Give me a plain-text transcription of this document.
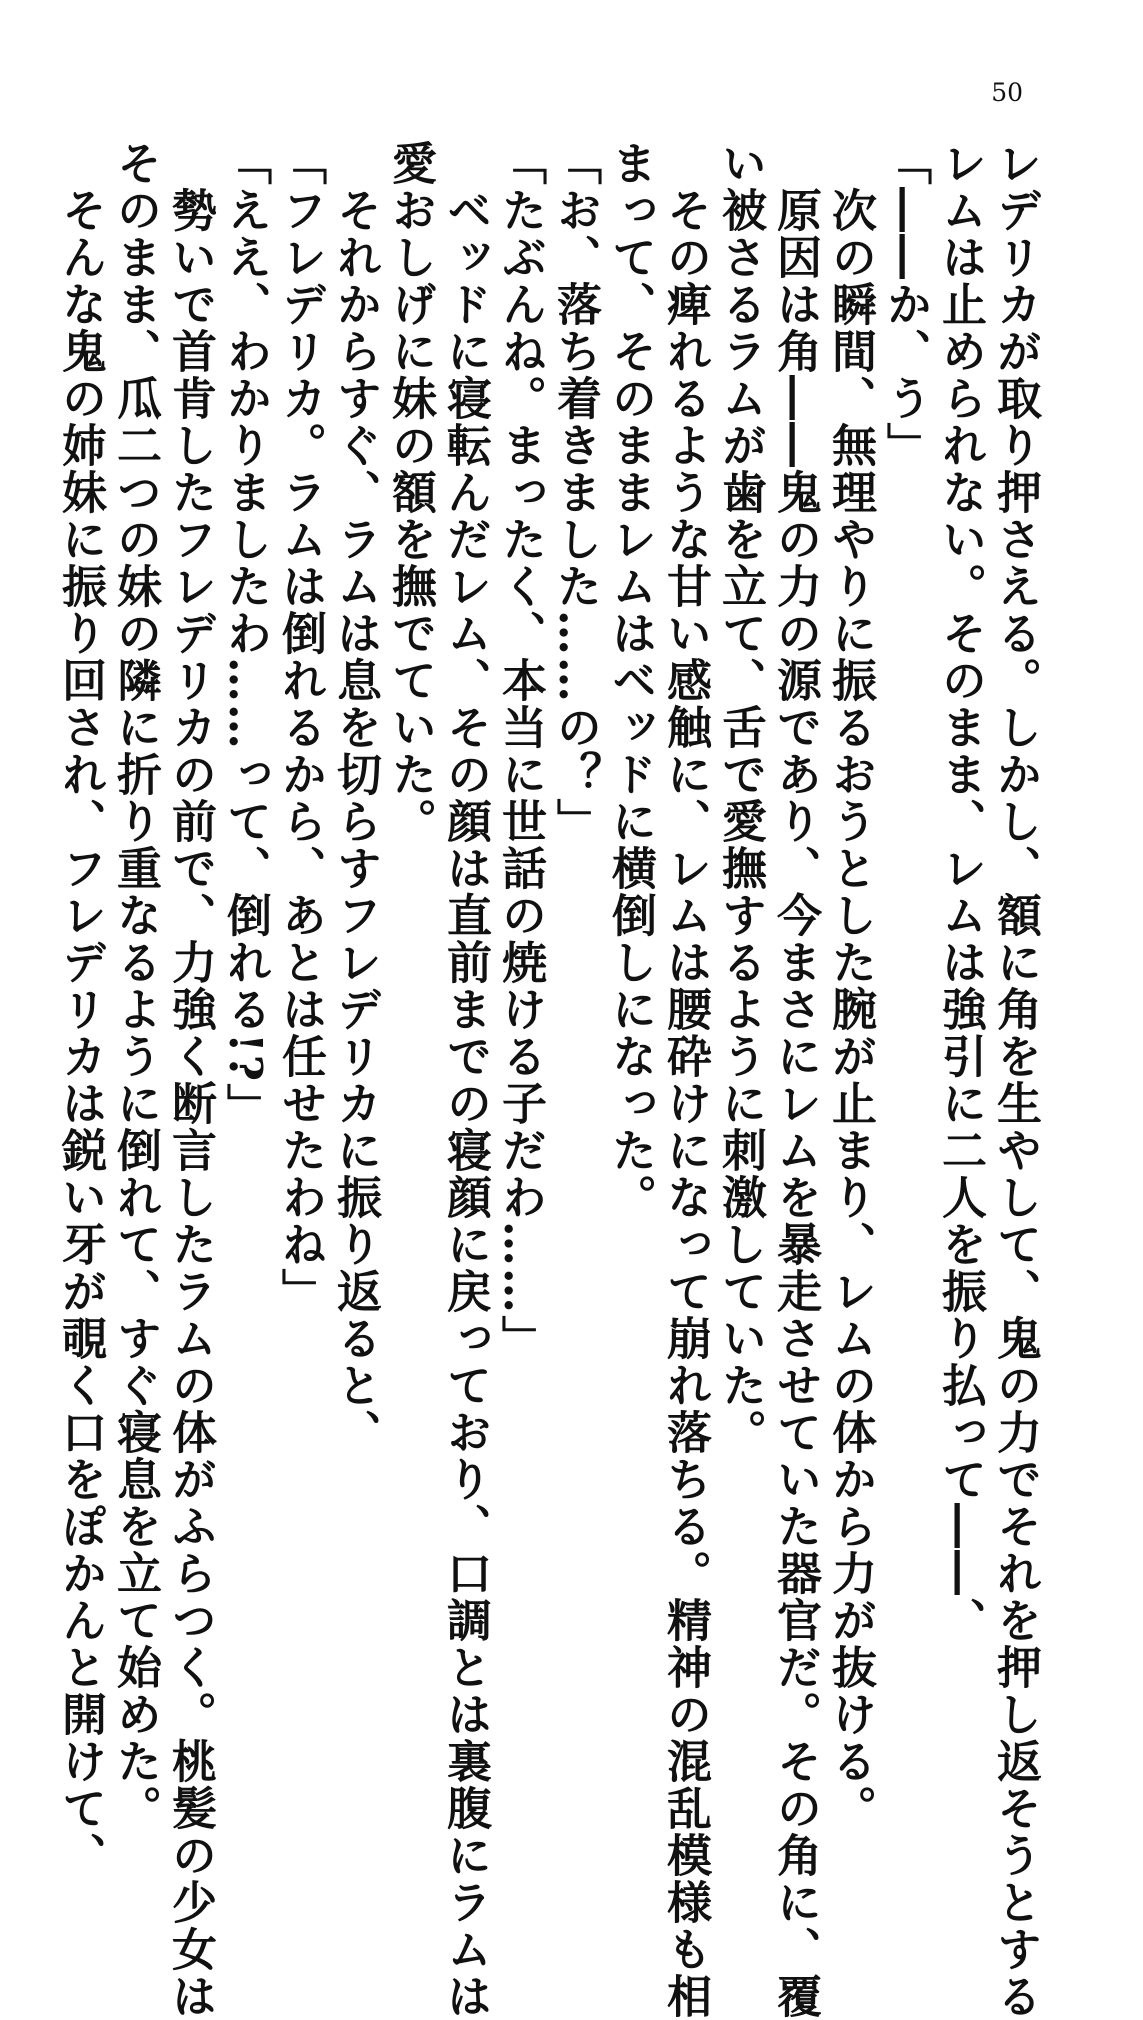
50
レデリカが取り押さえる。しかし、額に角を生やして、鬼の力でそれを押し返そうとする
レムは止められない。そのまま、レムは強引に二人を振り払って――、
「――か、う」
　次の瞬間、無理やりに振るおうとした腕が止まり、レムの体から力が抜ける。
　原因は角――鬼の力の源であり、今まさにレムを暴走させていた器官だ。その角に、覆
い被さるラムが歯を立て、舌で愛撫するように刺激していた。
　その痺れるような甘い感触に、レムは腰砕けになって崩れ落ちる。精神の混乱模様も相
まって、そのままレムはベッドに横倒しになった。
「お、落ち着きました……の？」
「たぶんね。まったく、本当に世話の焼ける子だわ……」
　ベッドに寝転んだレム、その顔は直前までの寝顔に戻っており、口調とは裏腹にラムは
愛おしげに妹の額を撫でていた。
　それからすぐ、ラムは息を切らすフレデリカに振り返ると、
「フレデリカ。ラムは倒れるから、あとは任せたわね」
「ええ、わかりましたわ……って、倒れる!?」
　勢いで首肯したフレデリカの前で、力強く断言したラムの体がふらつく。桃髪の少女は
そのまま、瓜二つの妹の隣に折り重なるように倒れて、すぐ寝息を立て始めた。
　そんな鬼の姉妹に振り回され、フレデリカは鋭い牙が覗く口をぽかんと開けて、
